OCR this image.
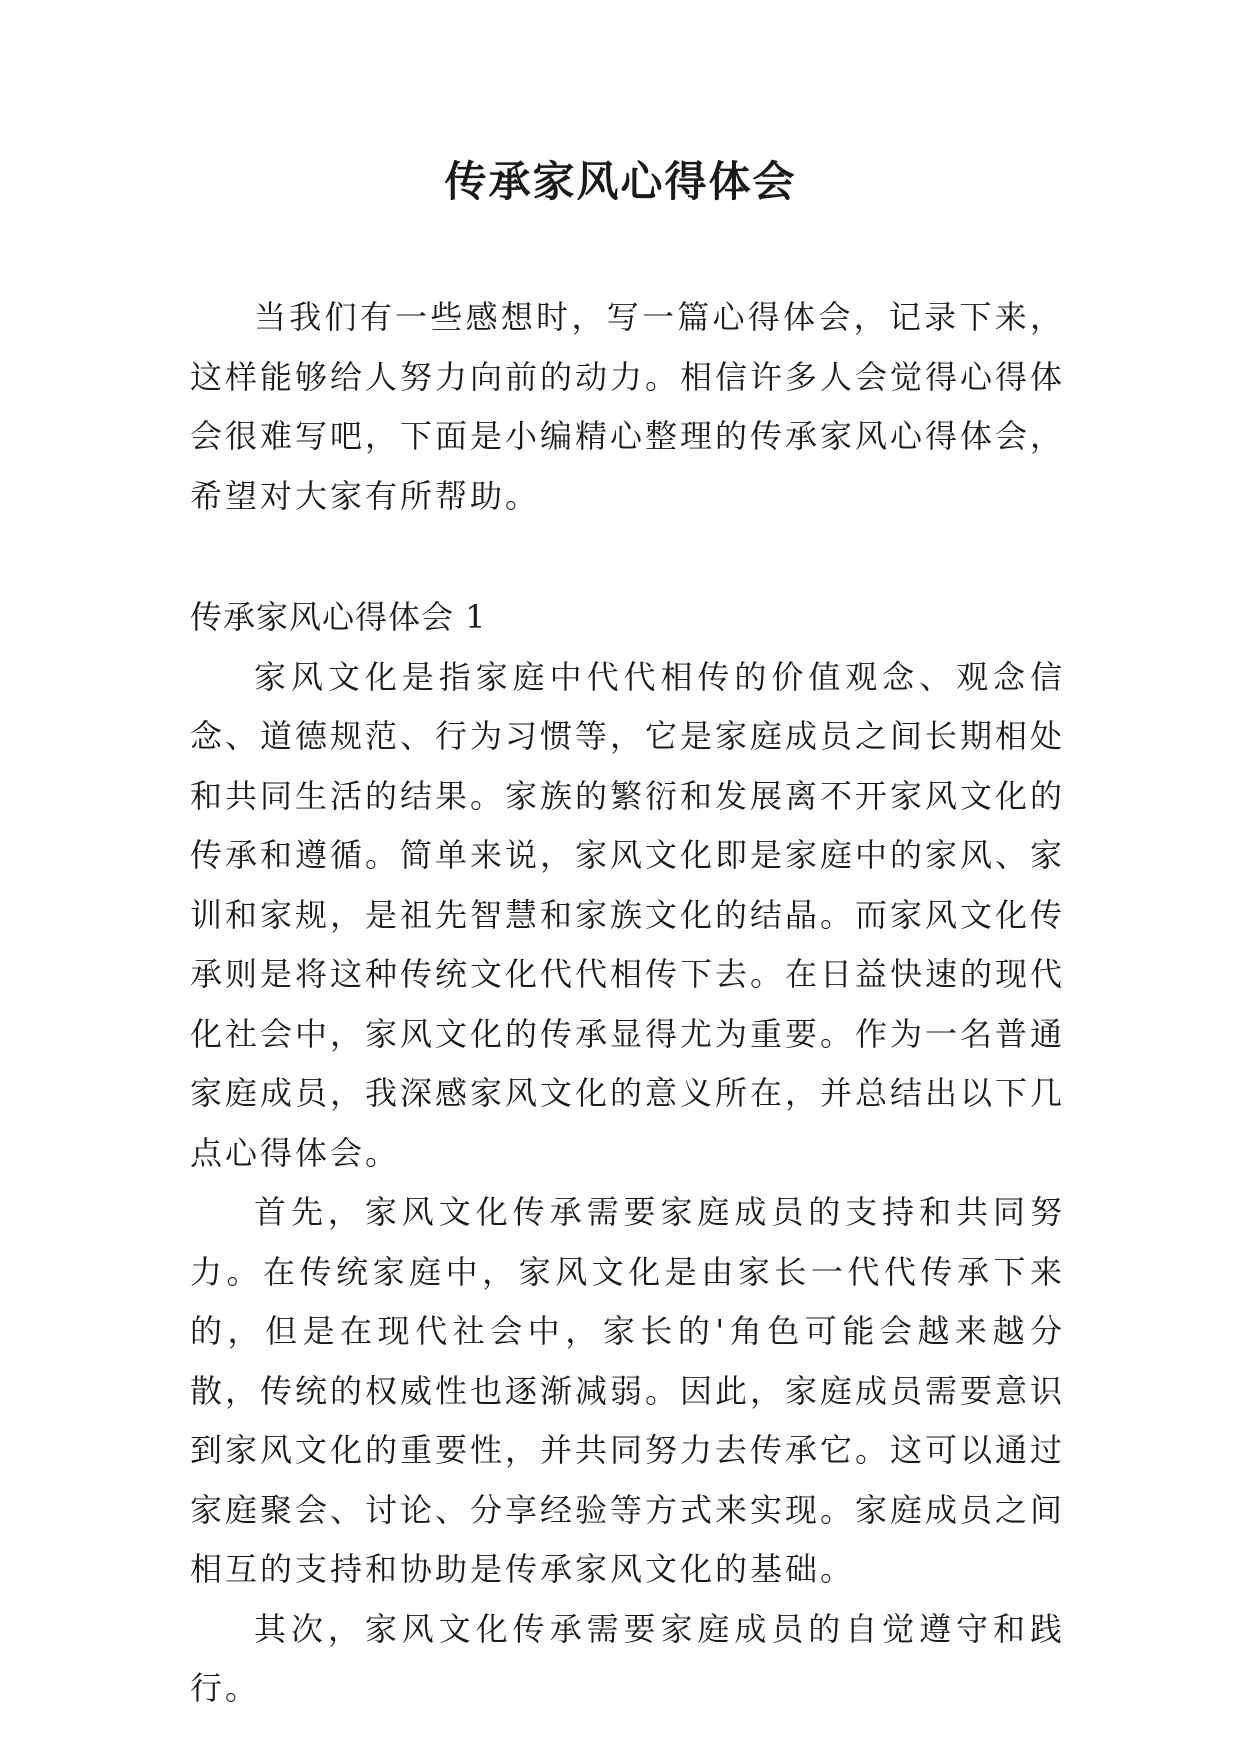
传承家风心得体会

当我们有一些感想时，写一篇心得体会，记录下来，这样能够给人努力向前的动力。相信许多人会觉得心得体会很难写吧，下面是小编精心整理的传承家风心得体会，希望对大家有所帮助。

传承家风心得体会 1

家风文化是指家庭中代代相传的价值观念、观念信念、道德规范、行为习惯等，它是家庭成员之间长期相处和共同生活的结果。家族的繁衍和发展离不开家风文化的传承和遵循。简单来说，家风文化即是家庭中的家风、家训和家规，是祖先智慧和家族文化的结晶。而家风文化传承则是将这种传统文化代代相传下去。在日益快速的现代化社会中，家风文化的传承显得尤为重要。作为一名普通家庭成员，我深感家风文化的意义所在，并总结出以下几点心得体会。

首先，家风文化传承需要家庭成员的支持和共同努力。在传统家庭中，家风文化是由家长一代代传承下来的，但是在现代社会中，家长的'角色可能会越来越分散，传统的权威性也逐渐减弱。因此，家庭成员需要意识到家风文化的重要性，并共同努力去传承它。这可以通过家庭聚会、讨论、分享经验等方式来实现。家庭成员之间相互的支持和协助是传承家风文化的基础。

其次，家风文化传承需要家庭成员的自觉遵守和践行。
